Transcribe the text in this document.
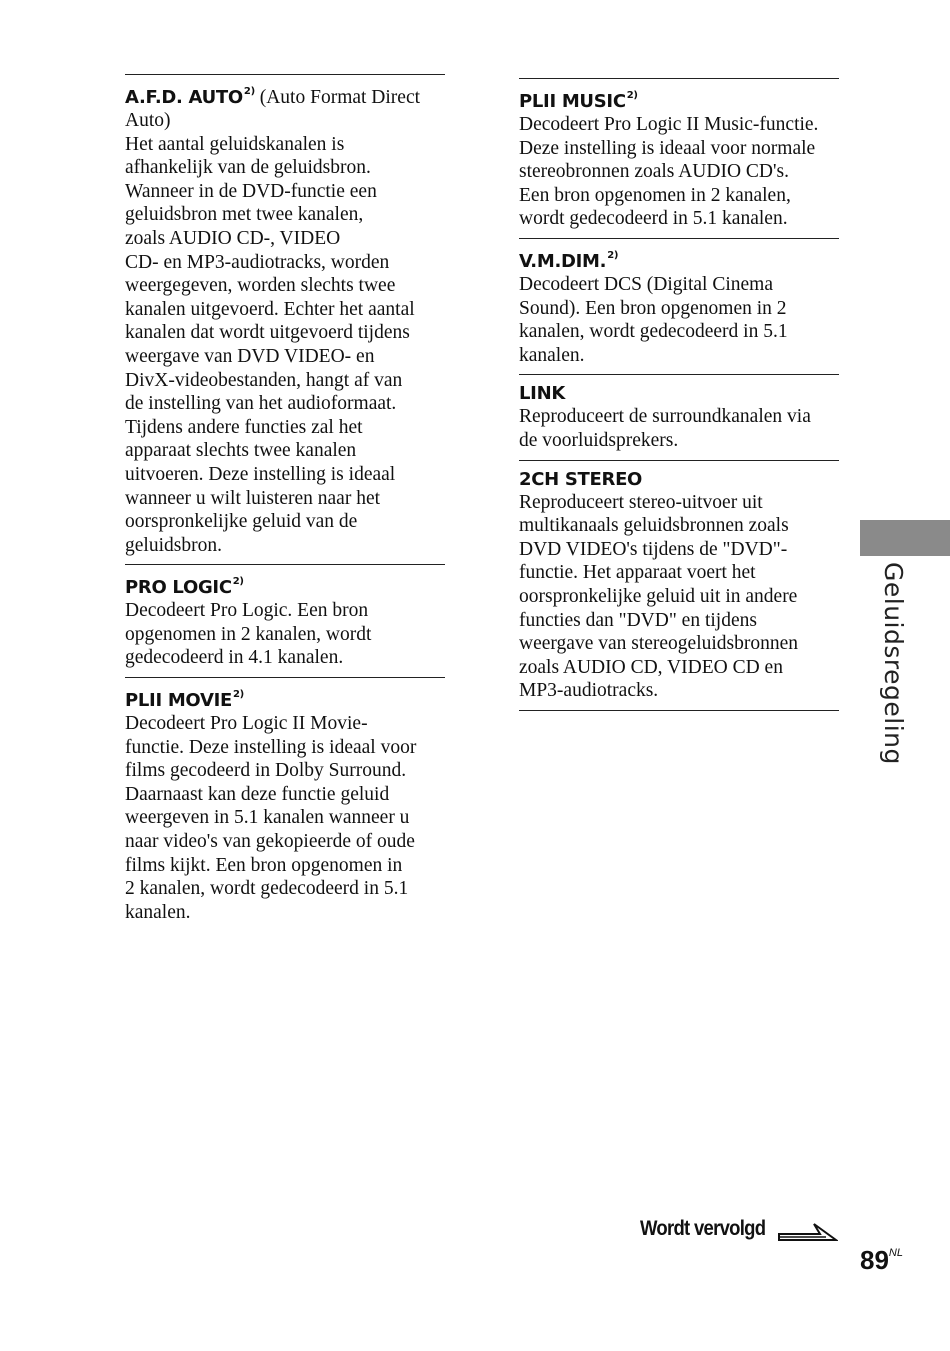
A.F.D. AUTO$^{2)}$ (Auto Format Direct
Auto)
Het aantal geluidskanalen is
afhankelijk van de geluidsbron.
Wanneer in de DVD-functie een
geluidsbron met twee kanalen,
zoals AUDIO CD-, VIDEO
CD- en MP3-audiotracks, worden
weergegeven, worden slechts twee
kanalen uitgevoerd. Echter het aantal
kanalen dat wordt uitgevoerd tijdens
weergave van DVD VIDEO- en
DivX-videobestanden, hangt af van
de instelling van het audioformaat.
Tijdens andere functies zal het
apparaat slechts twee kanalen
uitvoeren. Deze instelling is ideaal
wanneer u wilt luisteren naar het
oorspronkelijke geluid van de
geluidsbron.
PRO LOGIC$^{2)}$
Decodeert Pro Logic. Een bron
opgenomen in 2 kanalen, wordt
gedecodeerd in 4.1 kanalen.
PLII MOVIE$^{2)}$
Decodeert Pro Logic II Movie-
functie. Deze instelling is ideaal voor
films gecodeerd in Dolby Surround.
Daarnaast kan deze functie geluid
weergeven in 5.1 kanalen wanneer u
naar video's van gekopieerde of oude
films kijkt. Een bron opgenomen in
2 kanalen, wordt gedecodeerd in 5.1
kanalen.
PLII MUSIC$^{2)}$
Decodeert Pro Logic II Music-functie.
Deze instelling is ideaal voor normale
stereobronnen zoals AUDIO CD's.
Een bron opgenomen in 2 kanalen,
wordt gedecodeerd in 5.1 kanalen.
V.M.DIM.$^{2)}$
Decodeert DCS (Digital Cinema
Sound). Een bron opgenomen in 2
kanalen, wordt gedecodeerd in 5.1
kanalen.
LINK
Reproduceert de surroundkanalen via
de voorluidsprekers.
2CH STEREO
Reproduceert stereo-uitvoer uit
multikanaals geluidsbronnen zoals
DVD VIDEO's tijdens de "DVD"-
functie. Het apparaat voert het
oorspronkelijke geluid uit in andere
functies dan "DVD" en tijdens
weergave van stereogeluidsbronnen
zoals AUDIO CD, VIDEO CD en
MP3-audiotracks.	Geluidsregeling
Wordt vervolgd
$89^{NL}$
